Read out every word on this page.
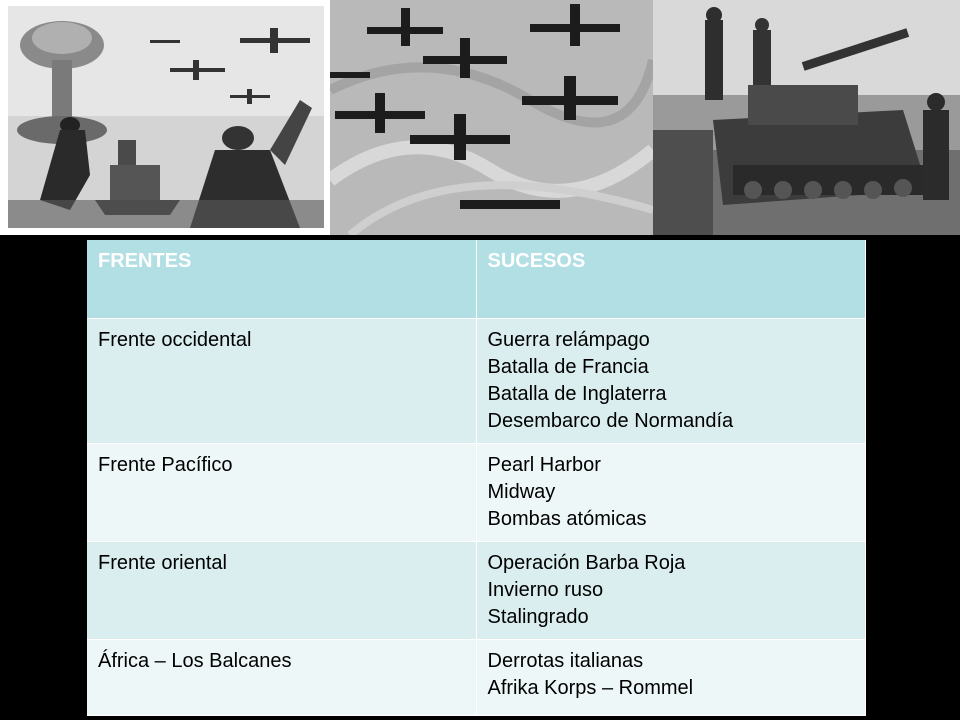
FRENTES	SUCESOS
Frente occidental	Guerra relámpago
Batalla de Francia
Batalla de Inglaterra
Desembarco de Normandía

Frente Pacífico	Pearl Harbor
Midway
Bombas atómicas

Frente oriental	Operación Barba Roja
Invierno ruso
Stalingrado

África – Los Balcanes	Derrotas italianas
Afrika Korps – Rommel
